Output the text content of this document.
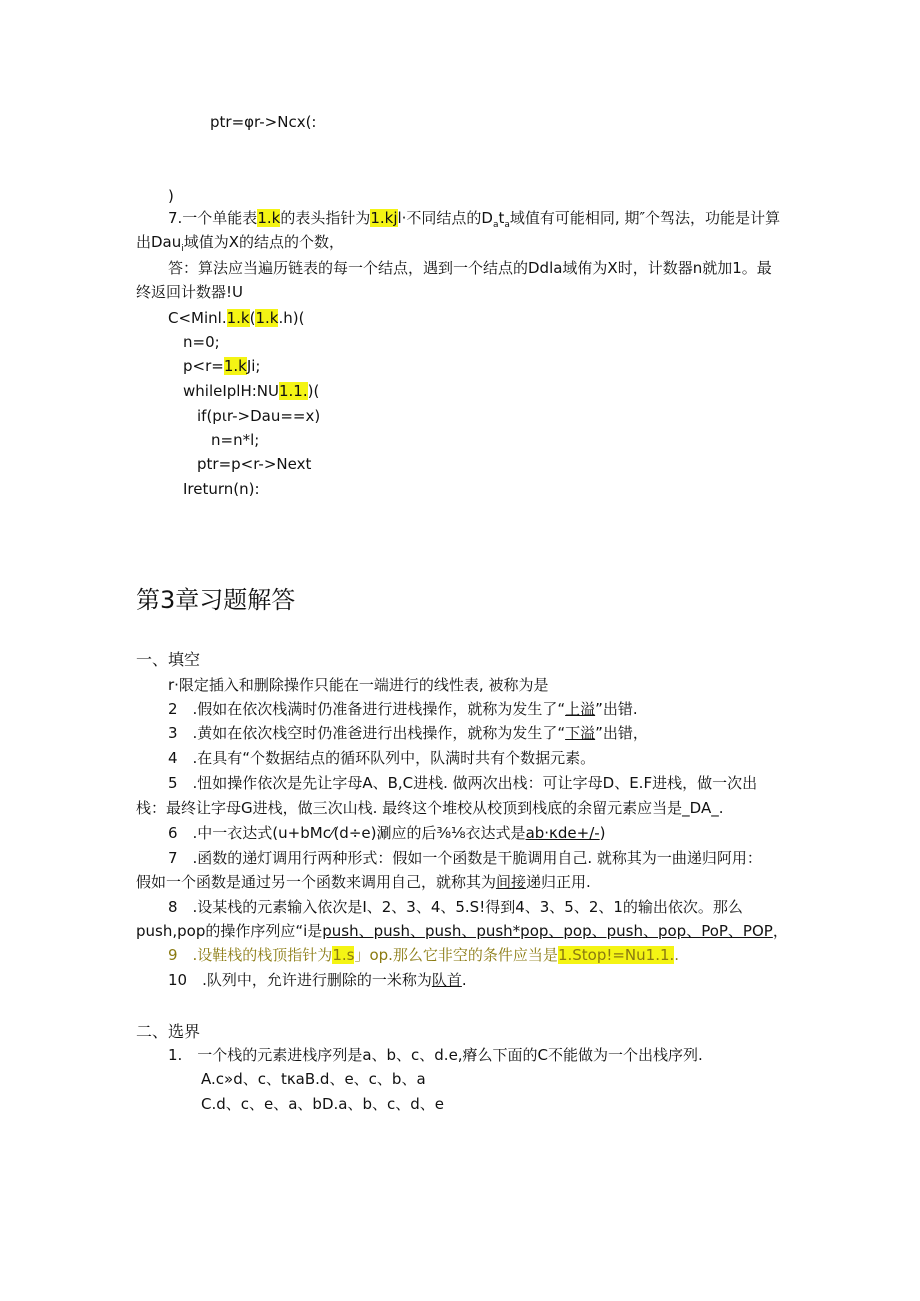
ptr=φr->Ncx(:
)
7.一个单能表1.k的表头指针为1.kjl·不同结点的$D_at_a$域值有可能相同, 期″个驾法，功能是计算
出Dau$_i$域值为X的结点的个数，
答：算法应当遍历链表的每一个结点，遇到一个结点的Ddla域侑为X时，计数器n就加1。最
终返回计数器!U
C<Minl.1.k(1.k.h)(
n=0;
p<r=1.kJi;
whileIplH:NU1.1.)(
if(pιr->Dau==x)
n=n*l;
ptr=p<r->Next
Ireturn(n):
第3章习题解答
一、填空
r·限定插入和删除操作只能在一端进行的线性表, 被称为是
2　.假如在依次栈满时仍准备进行进栈操作，就称为发生了“上溢”出错.
3　.黄如在依次栈空时仍准爸进行出栈操作，就称为发生了“下溢”出错，
4　.在具有“个数据结点的循环队列中，队满时共有个数据元素。
5　.忸如操作依次是先让字母A、B,C进栈. 做两次出栈：可让字母D、E.F进栈，做一次出
栈：最终让字母G进栈，做三次山栈. 最终这个堆校从校顶到栈底的余留元素应当是_DA_.
6　.中一衣达式(u+bMc⁄(d÷e)涮应的后⅜⅛衣达式是ab·κde+/-)
7　.函数的递灯调用行两种形式：假如一个函数是干脆调用自己. 就称其为一曲递归阿用：
假如一个函数是通过另一个函数来调用自己，就称其为间接递归正用.
8　.设某栈的元素输入依次是I、2、3、4、5.S!得到4、3、5、2、1的输出依次。那么
push,pop的操作序列应“i是push、push、push、push*pop、pop、push、pop、PoP、POP，
9　.设鞋栈的栈顶指针为1.s」op.那么它非空的条件应当是1.Stop!=Nu1.1..
10　.队列中，允许进行删除的一米称为队首.
二、选界
1.　一个栈的元素进栈序列是a、b、c、d.e,瘠么下面的C不能做为一个出栈序列.
A.c»d、c、tκaB.d、e、c、b、a
C.d、c、e、a、bD.a、b、c、d、e
